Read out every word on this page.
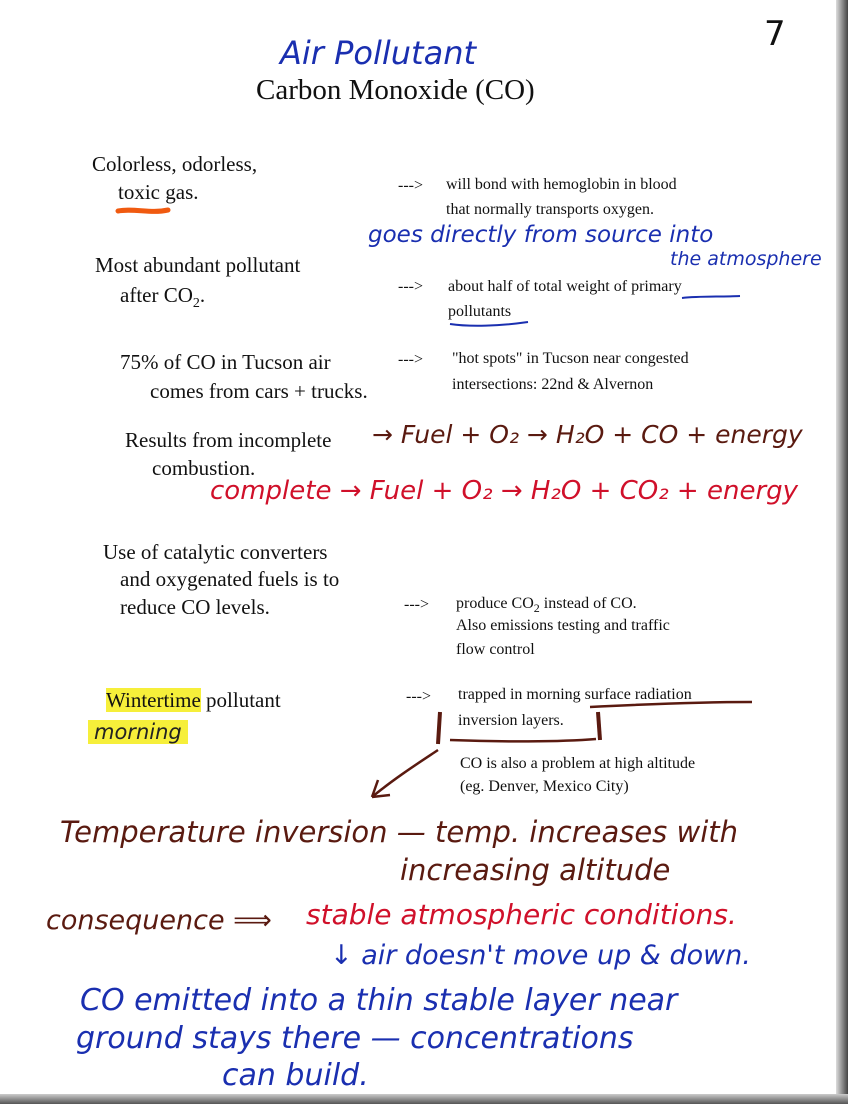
7
Air Pollutant
Carbon Monoxide (CO)
Colorless, odorless,
toxic gas.	---> will bond with hemoglobin in blood
that normally transports oxygen.
Most abundant pollutant
after $CO_2$.
goes directly from source into
the atmosphere
---> about half of total weight of primary
pollutants
75% of CO in Tucson air
comes from cars + trucks.
---> "hot spots" in Tucson near congested
intersections: 22nd & Alvernon
Results from incomplete
combustion.
→ Fuel + O₂ → H₂O + CO + energy
complete → Fuel + O₂ → H₂O + CO₂ + energy
Use of catalytic converters
and oxygenated fuels is to
reduce CO levels.	---> produce $CO_2$ instead of CO.
Also emissions testing and traffic
flow control
Wintertime pollutant
morning
---> trapped in morning surface radiation
inversion layers.
CO is also a problem at high altitude
(eg. Denver, Mexico City)
Temperature inversion — temp. increases with
increasing altitude
consequence ⟹ stable atmospheric conditions.
↓ air doesn't move up & down.
CO emitted into a thin stable layer near
ground stays there — concentrations
can build.
